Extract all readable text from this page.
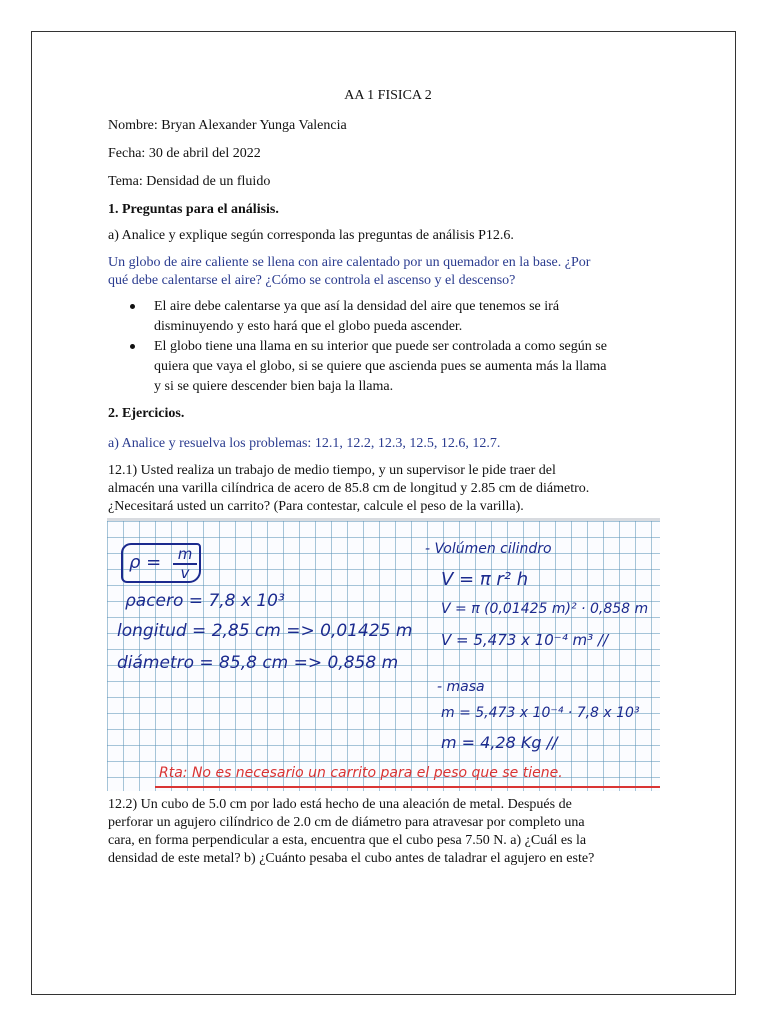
AA 1 FISICA 2
Nombre: Bryan Alexander Yunga Valencia
Fecha: 30 de abril del 2022
Tema: Densidad de un fluido
1. Preguntas para el análisis.
a) Analice y explique según corresponda las preguntas de análisis P12.6.
Un globo de aire caliente se llena con aire calentado por un quemador en la base. ¿Por
qué debe calentarse el aire? ¿Cómo se controla el ascenso y el descenso?
El aire debe calentarse ya que así la densidad del aire que tenemos se irá
disminuyendo y esto hará que el globo pueda ascender.
El globo tiene una llama en su interior que puede ser controlada a como según se
quiera que vaya el globo, si se quiere que ascienda pues se aumenta más la llama
y si se quiere descender bien baja la llama.
2. Ejercicios.
a) Analice y resuelva los problemas: 12.1, 12.2, 12.3, 12.5, 12.6, 12.7.
12.1) Usted realiza un trabajo de medio tiempo, y un supervisor le pide traer del
almacén una varilla cilíndrica de acero de 85.8 cm de longitud y 2.85 cm de diámetro.
¿Necesitará usted un carrito? (Para contestar, calcule el peso de la varilla).
12.2) Un cubo de 5.0 cm por lado está hecho de una aleación de metal. Después de
perforar un agujero cilíndrico de 2.0 cm de diámetro para atravesar por completo una
cara, en forma perpendicular a esta, encuentra que el cubo pesa 7.50 N. a) ¿Cuál es la
densidad de este metal? b) ¿Cuánto pesaba el cubo antes de taladrar el agujero en este?
ρ =	m
v
ρacero = 7,8 x 10³
longitud = 2,85 cm => 0,01425 m
diámetro = 85,8 cm => 0,858 m
- Volúmen cilindro
V = π r² h
V = π (0,01425 m)² · 0,858 m
V = 5,473 x 10⁻⁴ m³ //
- masa
m = 5,473 x 10⁻⁴ · 7,8 x 10³
m = 4,28 Kg //
Rta: No es necesario un carrito para el peso que se tiene.
